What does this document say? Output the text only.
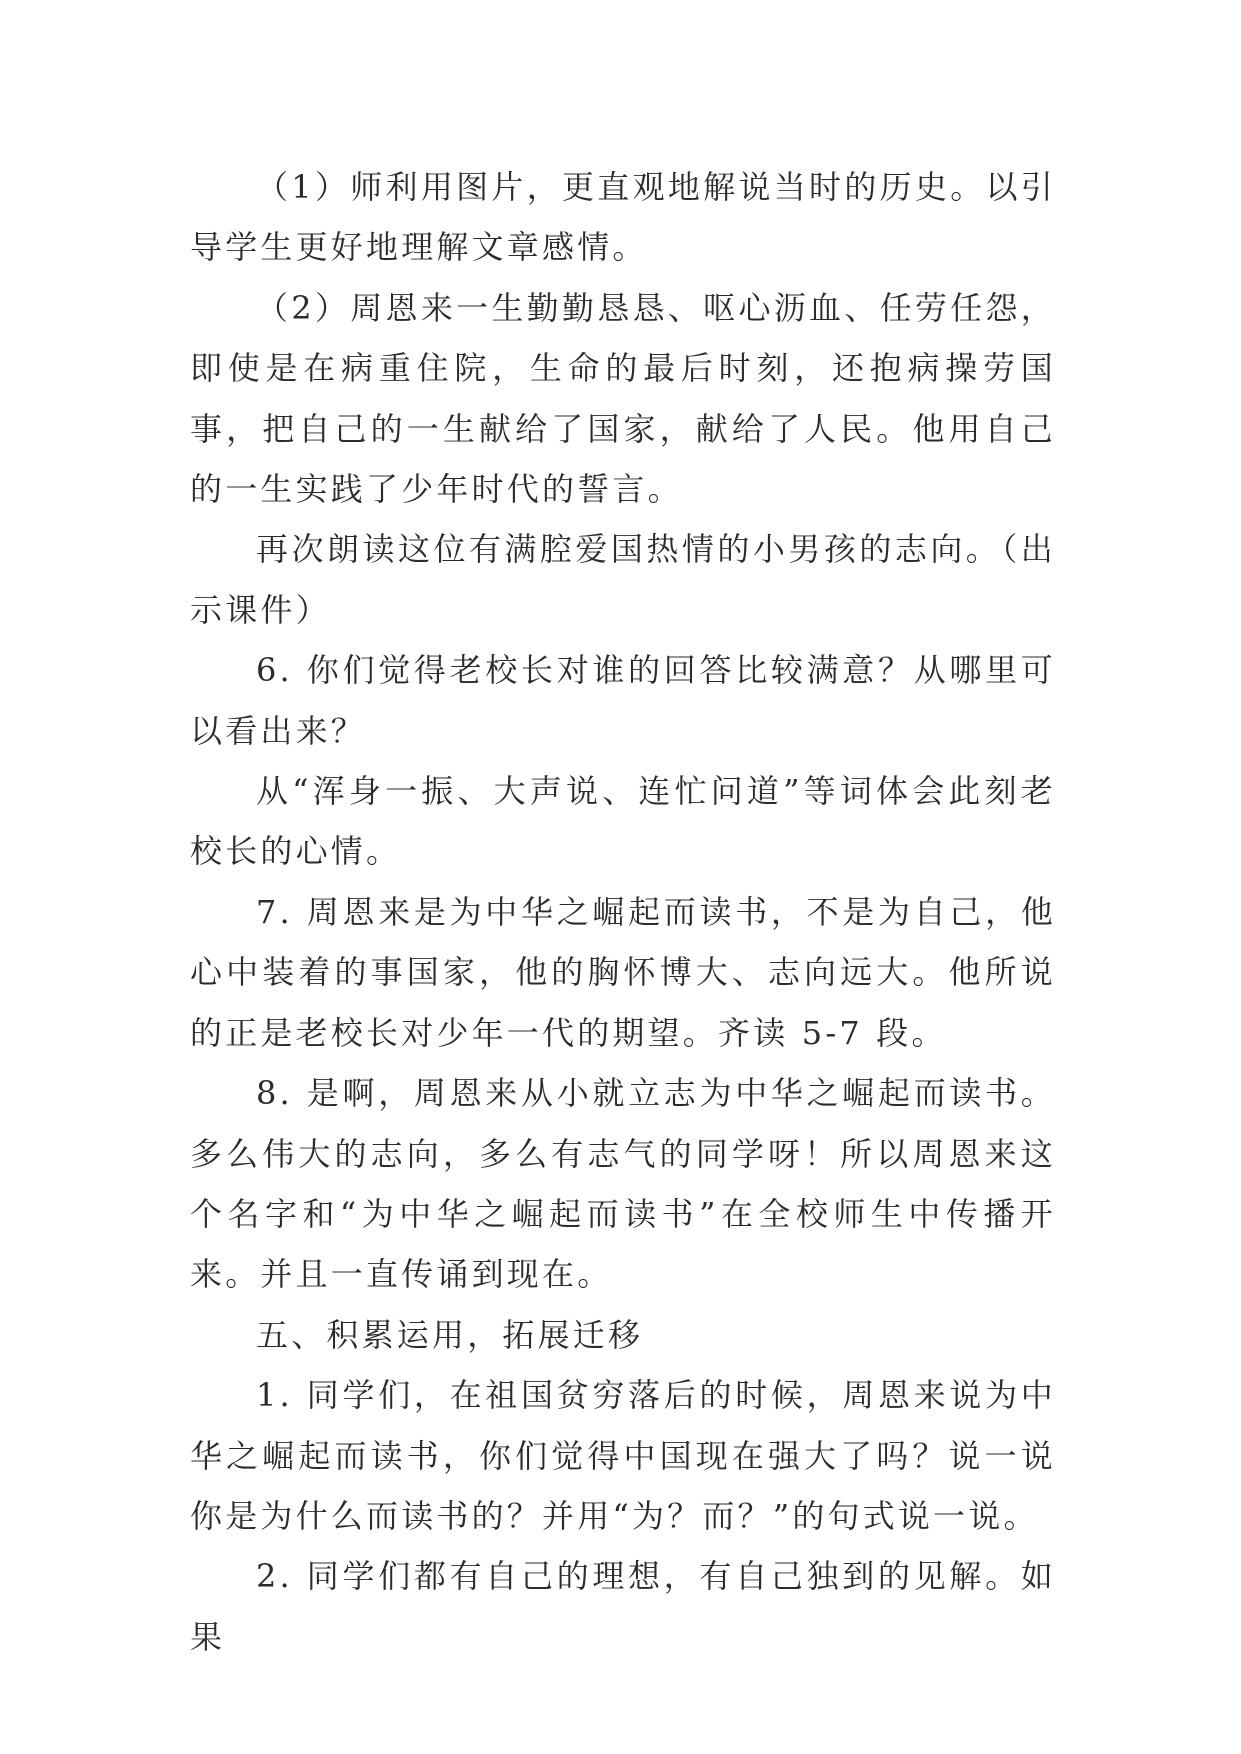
（1）师利用图片，更直观地解说当时的历史。以引导学生更好地理解文章感情。

（2）周恩来一生勤勤恳恳、呕心沥血、任劳任怨，即使是在病重住院，生命的最后时刻，还抱病操劳国事，把自己的一生献给了国家，献给了人民。他用自己的一生实践了少年时代的誓言。

再次朗读这位有满腔爱国热情的小男孩的志向。（出示课件）

6. 你们觉得老校长对谁的回答比较满意？从哪里可以看出来？

从“浑身一振、大声说、连忙问道”等词体会此刻老校长的心情。

7. 周恩来是为中华之崛起而读书，不是为自己，他心中装着的事国家，他的胸怀博大、志向远大。他所说的正是老校长对少年一代的期望。齐读 5-7 段。

8. 是啊，周恩来从小就立志为中华之崛起而读书。多么伟大的志向，多么有志气的同学呀！所以周恩来这个名字和“为中华之崛起而读书”在全校师生中传播开来。并且一直传诵到现在。

五、积累运用，拓展迁移

1. 同学们，在祖国贫穷落后的时候，周恩来说为中华之崛起而读书，你们觉得中国现在强大了吗？说一说你是为什么而读书的？并用“为？而？”的句式说一说。

2. 同学们都有自己的理想，有自己独到的见解。如果
